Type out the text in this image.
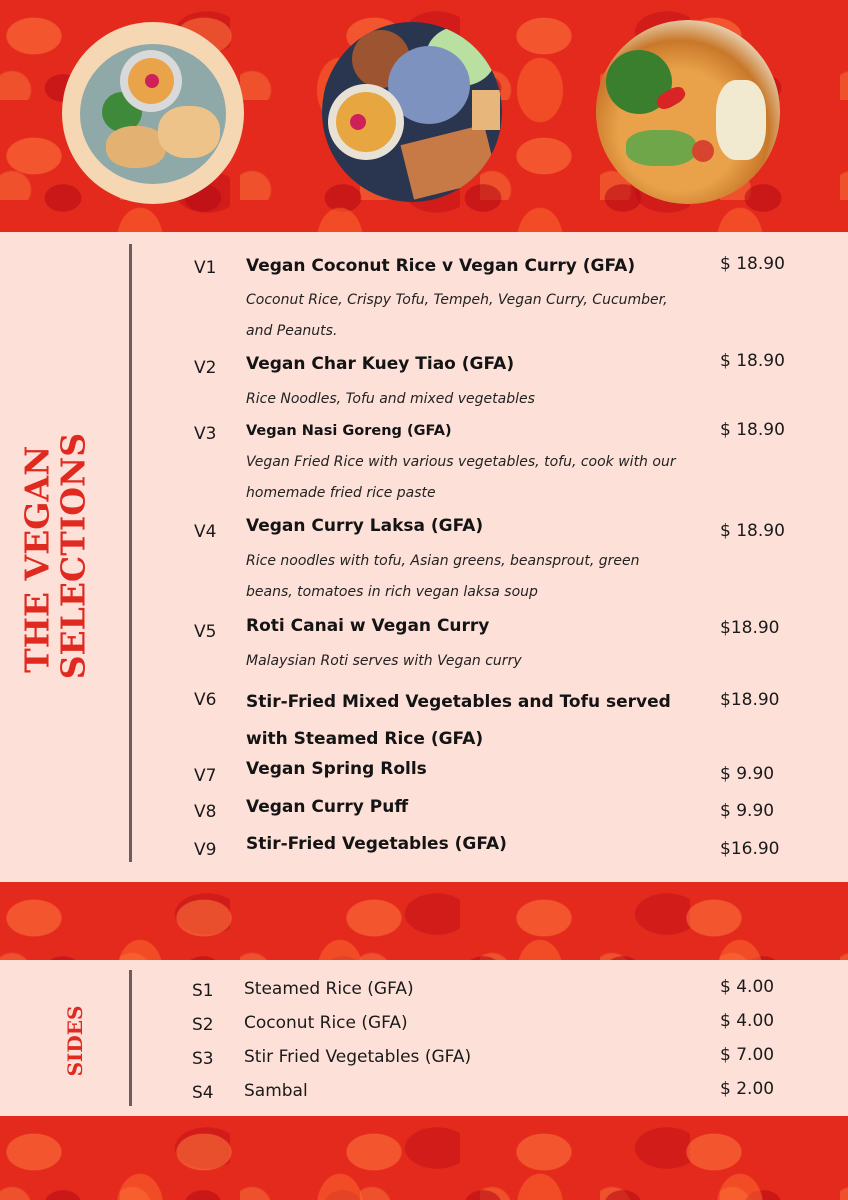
THE VEGAN
SELECTIONS
V1 Vegan Coconut Rice v Vegan Curry (GFA)	$ 18.90
Coconut Rice, Crispy Tofu, Tempeh, Vegan Curry, Cucumber,
and Peanuts.
V2 Vegan Char Kuey Tiao (GFA)	$ 18.90
Rice Noodles, Tofu and mixed vegetables
V3 Vegan Nasi Goreng (GFA)	$ 18.90
Vegan Fried Rice with various vegetables, tofu, cook with our
homemade fried rice paste
V4 Vegan Curry Laksa (GFA)	$ 18.90
Rice noodles with tofu, Asian greens, beansprout, green
beans, tomatoes in rich vegan laksa soup
V5 Roti Canai w Vegan Curry	$18.90
Malaysian Roti serves with Vegan curry
V6 Stir-Fried Mixed Vegetables and Tofu served
with Steamed Rice (GFA)
$18.90
V7 Vegan Spring Rolls	$ 9.90
V8 Vegan Curry Puff	$ 9.90
V9 Stir-Fried Vegetables (GFA)	$16.90
SIDES
S1 Steamed Rice (GFA)	$ 4.00
S2 Coconut Rice (GFA)	$ 4.00
S3 Stir Fried Vegetables (GFA)	$ 7.00
S4 Sambal	$ 2.00
